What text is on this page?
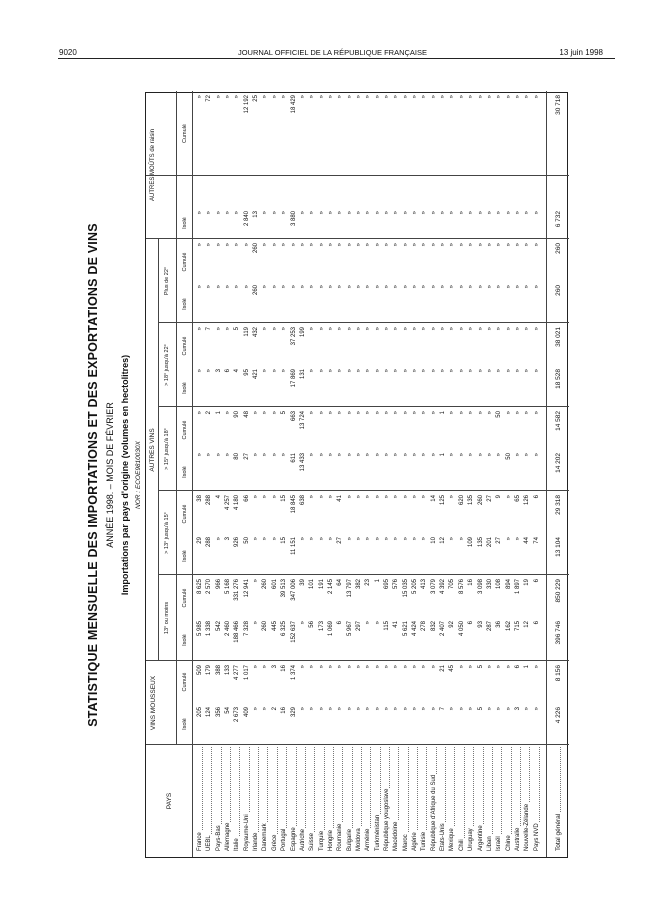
9020	JOURNAL OFFICIEL DE LA RÉPUBLIQUE FRANÇAISE	13 juin 1998
STATISTIQUE MENSUELLE DES IMPORTATIONS ET DES EXPORTATIONS DE VINS ANNÉE 1998. – MOIS DE FÉVRIER Importations par pays d'origine (volumes en hectolitres) NOR : ECOE9810030X
PAYS
VINS MOUSSEUX
AUTRES VINS
AUTRES MOÛTS de raisin
13° ou moins
> 13° jusqu'à 15°
> 15° jusqu'à 18°
> 18° jusqu'à 22°
Plus de 22°
Isolé
Cumulé
Isolé
Cumulé
Isolé
Cumulé
Isolé
Cumulé
Isolé
Cumulé
Isolé
Cumulé
Isolé
Cumulé
France
205
509
5 985
8 625
29
38
»
»
»
»
»
»
»
»
UEBL
124
179
1 338
2 570
288
288
»
2
»
7
»
»
»
72
Pays-Bas
356
388
542
966
»
4
»
1
3
»
»
»
»
»
Allemagne
54
133
2 460
5 168
3
4 257
»
»
6
»
»
»
»
»
Italie
2 673
4 277
188 466
331 276
926
4 180
80
90
4
5
»
»
»
»
Royaume-Uni
409
1 017
7 328
12 941
50
66
27
48
95
119
»
»
2 840
12 192
Irlande
»
»
»
»
»
»
»
»
421
432
260
260
13
25
Danemark
»
»
260
260
»
»
»
»
»
»
»
»
»
»
Grèce
2
3
445
601
»
»
»
»
»
»
»
»
»
»
Portugal
16
16
6 325
39 513
15
15
»
5
»
»
»
»
»
»
Espagne
329
1 374
152 637
347 006
11 151
18 845
611
663
17 869
37 253
»
»
3 880
18 429
Autriche
»
»
»
39
»
638
13 433
13 724
131
199
»
»
»
»
Suisse
»
»
56
101
»
»
»
»
»
»
»
»
»
»
Turquie
»
»
173
191
»
»
»
»
»
»
»
»
»
»
Hongrie
»
»
1 069
2 145
»
»
»
»
»
»
»
»
»
»
Roumanie
»
»
6
64
27
41
»
»
»
»
»
»
»
»
Bulgarie
»
»
5 967
13 797
»
»
»
»
»
»
»
»
»
»
Moldova
»
»
297
382
»
»
»
»
»
»
»
»
»
»
Arménie
»
»
»
23
»
»
»
»
»
»
»
»
»
»
Turkménistan
»
»
»
1
»
»
»
»
»
»
»
»
»
»
République yougoslave
»
»
115
695
»
»
»
»
»
»
»
»
»
»
Macédoine
»
»
41
576
»
»
»
»
»
»
»
»
»
»
Maroc
»
»
5 621
15 035
»
»
»
»
»
»
»
»
»
»
Algérie
»
»
4 424
5 205
»
»
»
»
»
»
»
»
»
»
Tunisie
»
»
278
413
»
»
»
»
»
»
»
»
»
»
République d'Afrique du Sud
»
»
832
3 079
10
14
»
»
»
»
»
»
»
»
Etats-Unis
7
21
2 407
4 392
12
125
1
1
»
»
»
»
»
»
Mexique
»
45
92
705
»
»
»
»
»
»
»
»
»
»
Chili
»
»
4 050
8 576
»
620
»
»
»
»
»
»
»
»
Uruguay
»
»
6
16
109
135
»
»
»
»
»
»
»
»
Argentine
5
5
93
3 098
135
260
»
»
»
»
»
»
»
»
Liban
»
»
287
330
201
27
»
»
»
»
»
»
»
»
Israël
»
»
36
108
27
9
»
50
»
»
»
»
»
»
Chine
»
»
162
894
»
»
50
»
»
»
»
»
»
»
Australie
3
6
715
1 897
»
65
»
»
»
»
»
»
»
»
Nouvelle-Zélande
»
1
12
19
44
126
»
»
»
»
»
»
»
»
Pays NVD
»
»
6
6
74
6
»
»
»
»
»
»
»
»
Total général
4 226
8 156
396 746
850 229
13 104
29 318
14 202
14 582
18 528
38 021
260
260
6 732
30 718
